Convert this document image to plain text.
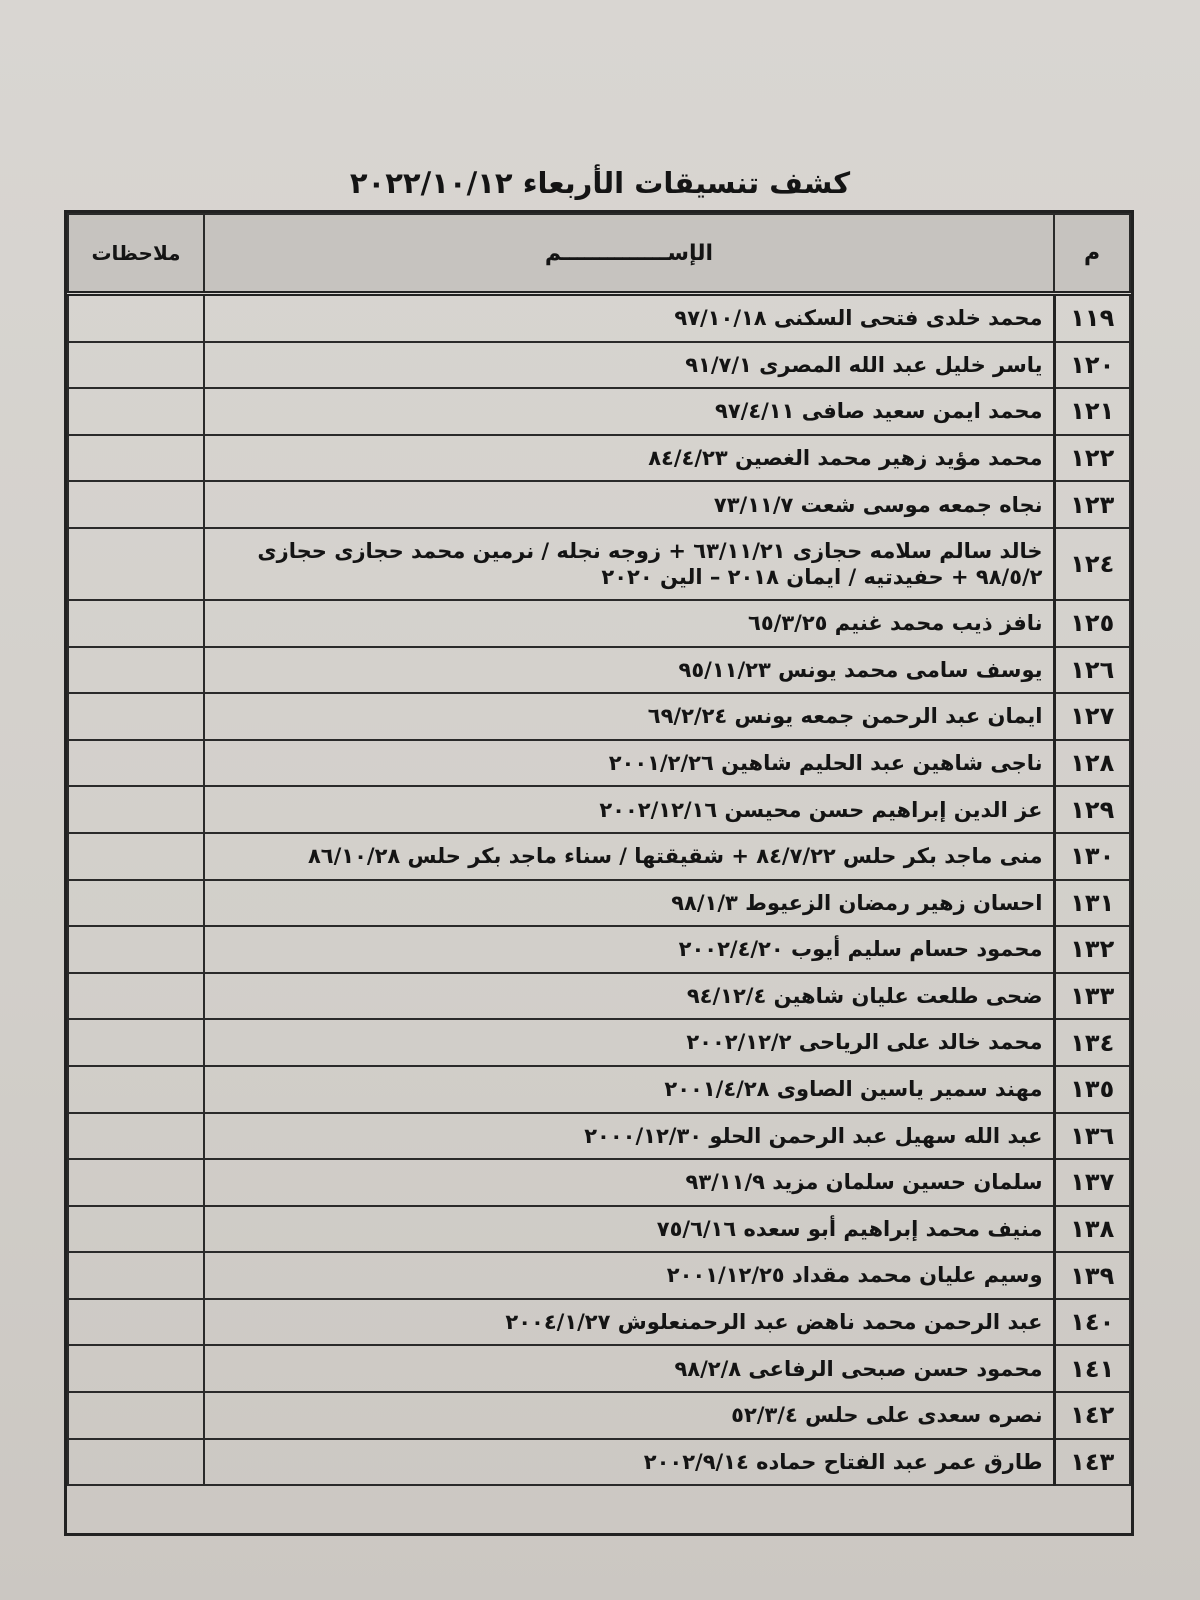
كشف تنسيقات الأربعاء ٢٠٢٢/١٠/١٢
م	الإســــــــــــــم	ملاحظات
١١٩	محمد خلدى فتحى السكنى ٩٧/١٠/١٨	
١٢٠	ياسر خليل عبد الله المصرى ٩١/٧/١	
١٢١	محمد ايمن سعيد صافى ٩٧/٤/١١	
١٢٢	محمد مؤيد زهير محمد الغصين ٨٤/٤/٢٣	
١٢٣	نجاه جمعه موسى شعت ٧٣/١١/٧	
١٢٤	خالد سالم سلامه حجازى ٦٣/١١/٢١ + زوجه نجله / نرمين محمد حجازى حجازى ٩٨/٥/٢ + حفيدتيه / ايمان ٢٠١٨ – الين ٢٠٢٠	
١٢٥	نافز ذيب محمد غنيم ٦٥/٣/٢٥	
١٢٦	يوسف سامى محمد يونس ٩٥/١١/٢٣	
١٢٧	ايمان عبد الرحمن جمعه يونس ٦٩/٢/٢٤	
١٢٨	ناجى شاهين عبد الحليم شاهين ٢٠٠١/٢/٢٦	
١٢٩	عز الدين إبراهيم حسن محيسن ٢٠٠٢/١٢/١٦	
١٣٠	منى ماجد بكر حلس ٨٤/٧/٢٢ + شقيقتها / سناء ماجد بكر حلس ٨٦/١٠/٢٨	
١٣١	احسان زهير رمضان الزعيوط ٩٨/١/٣	
١٣٢	محمود حسام سليم أيوب ٢٠٠٢/٤/٢٠	
١٣٣	ضحى طلعت عليان شاهين ٩٤/١٢/٤	
١٣٤	محمد خالد على الرياحى ٢٠٠٢/١٢/٢	
١٣٥	مهند سمير ياسين الصاوى ٢٠٠١/٤/٢٨	
١٣٦	عبد الله سهيل عبد الرحمن الحلو ٢٠٠٠/١٢/٣٠	
١٣٧	سلمان حسين سلمان مزيد ٩٣/١١/٩	
١٣٨	منيف محمد إبراهيم أبو سعده ٧٥/٦/١٦	
١٣٩	وسيم عليان محمد مقداد ٢٠٠١/١٢/٢٥	
١٤٠	عبد الرحمن محمد ناهض عبد الرحمنعلوش ٢٠٠٤/١/٢٧	
١٤١	محمود حسن صبحى الرفاعى ٩٨/٢/٨	
١٤٢	نصره سعدى على حلس ٥٢/٣/٤	
١٤٣	طارق عمر عبد الفتاح حماده ٢٠٠٢/٩/١٤	
